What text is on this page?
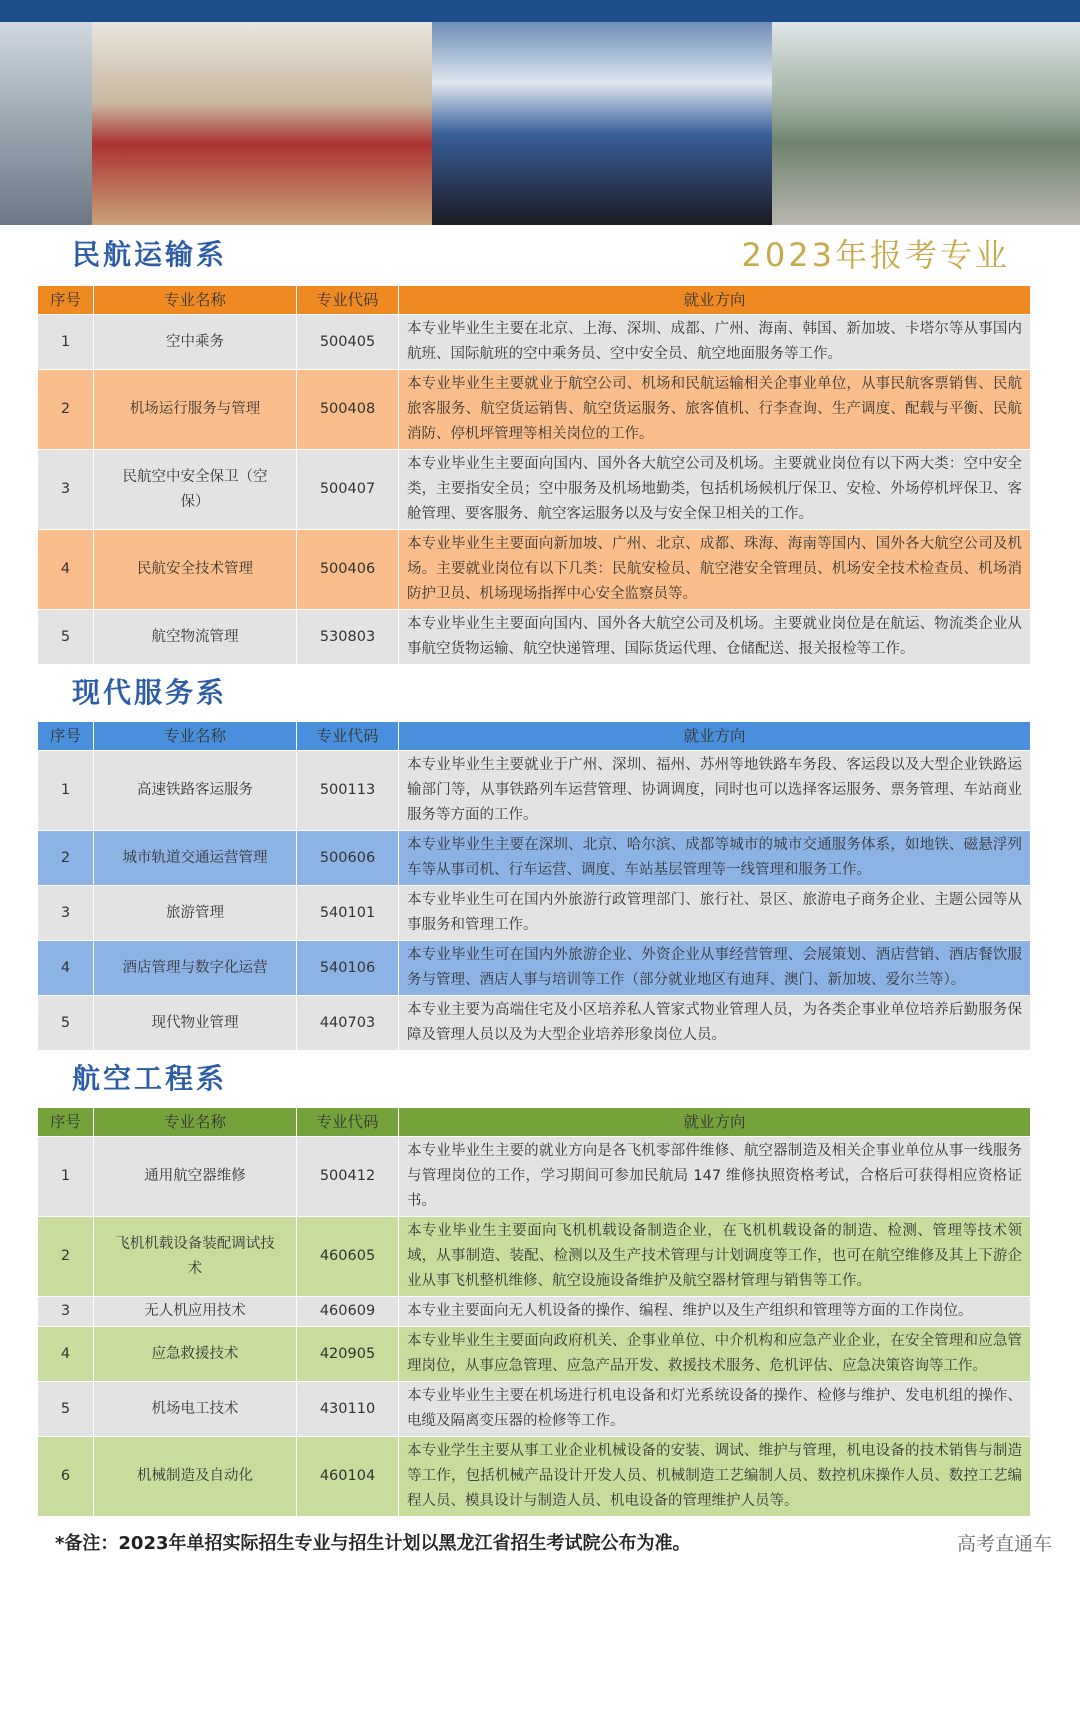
民航运输系	2023年报考专业
序号	专业名称	专业代码	就业方向
1	空中乘务	500405	本专业毕业生主要在北京、上海、深圳、成都、广州、海南、韩国、新加坡、卡塔尔等从事国内航班、国际航班的空中乘务员、空中安全员、航空地面服务等工作。
2	机场运行服务与管理	500408	本专业毕业生主要就业于航空公司、机场和民航运输相关企事业单位，从事民航客票销售、民航旅客服务、航空货运销售、航空货运服务、旅客值机、行李查询、生产调度、配载与平衡、民航消防、停机坪管理等相关岗位的工作。
3	民航空中安全保卫（空保）	500407	本专业毕业生主要面向国内、国外各大航空公司及机场。主要就业岗位有以下两大类：空中安全类，主要指安全员；空中服务及机场地勤类，包括机场候机厅保卫、安检、外场停机坪保卫、客舱管理、要客服务、航空客运服务以及与安全保卫相关的工作。
4	民航安全技术管理	500406	本专业毕业生主要面向新加坡、广州、北京、成都、珠海、海南等国内、国外各大航空公司及机场。主要就业岗位有以下几类：民航安检员、航空港安全管理员、机场安全技术检查员、机场消防护卫员、机场现场指挥中心安全监察员等。
5	航空物流管理	530803	本专业毕业生主要面向国内、国外各大航空公司及机场。主要就业岗位是在航运、物流类企业从事航空货物运输、航空快递管理、国际货运代理、仓储配送、报关报检等工作。
现代服务系
序号	专业名称	专业代码	就业方向
1	高速铁路客运服务	500113	本专业毕业生主要就业于广州、深圳、福州、苏州等地铁路车务段、客运段以及大型企业铁路运输部门等，从事铁路列车运营管理、协调调度，同时也可以选择客运服务、票务管理、车站商业服务等方面的工作。
2	城市轨道交通运营管理	500606	本专业毕业生主要在深圳、北京、哈尔滨、成都等城市的城市交通服务体系，如地铁、磁悬浮列车等从事司机、行车运营、调度、车站基层管理等一线管理和服务工作。
3	旅游管理	540101	本专业毕业生可在国内外旅游行政管理部门、旅行社、景区、旅游电子商务企业、主题公园等从事服务和管理工作。
4	酒店管理与数字化运营	540106	本专业毕业生可在国内外旅游企业、外资企业从事经营管理、会展策划、酒店营销、酒店餐饮服务与管理、酒店人事与培训等工作（部分就业地区有迪拜、澳门、新加坡、爱尔兰等）。
5	现代物业管理	440703	本专业主要为高端住宅及小区培养私人管家式物业管理人员，为各类企事业单位培养后勤服务保障及管理人员以及为大型企业培养形象岗位人员。
航空工程系
序号	专业名称	专业代码	就业方向
1	通用航空器维修	500412	本专业毕业生主要的就业方向是各飞机零部件维修、航空器制造及相关企事业单位从事一线服务与管理岗位的工作，学习期间可参加民航局 147 维修执照资格考试，合格后可获得相应资格证书。
2	飞机机载设备装配调试技术	460605	本专业毕业生主要面向飞机机载设备制造企业，在飞机机载设备的制造、检测、管理等技术领域，从事制造、装配、检测以及生产技术管理与计划调度等工作，也可在航空维修及其上下游企业从事飞机整机维修、航空设施设备维护及航空器材管理与销售等工作。
3	无人机应用技术	460609	本专业主要面向无人机设备的操作、编程、维护以及生产组织和管理等方面的工作岗位。
4	应急救援技术	420905	本专业毕业生主要面向政府机关、企事业单位、中介机构和应急产业企业，在安全管理和应急管理岗位，从事应急管理、应急产品开发、救援技术服务、危机评估、应急决策咨询等工作。
5	机场电工技术	430110	本专业毕业生主要在机场进行机电设备和灯光系统设备的操作、检修与维护、发电机组的操作、电缆及隔离变压器的检修等工作。
6	机械制造及自动化	460104	本专业学生主要从事工业企业机械设备的安装、调试、维护与管理，机电设备的技术销售与制造等工作，包括机械产品设计开发人员、机械制造工艺编制人员、数控机床操作人员、数控工艺编程人员、模具设计与制造人员、机电设备的管理维护人员等。
*备注：2023年单招实际招生专业与招生计划以黑龙江省招生考试院公布为准。	高考直通车
